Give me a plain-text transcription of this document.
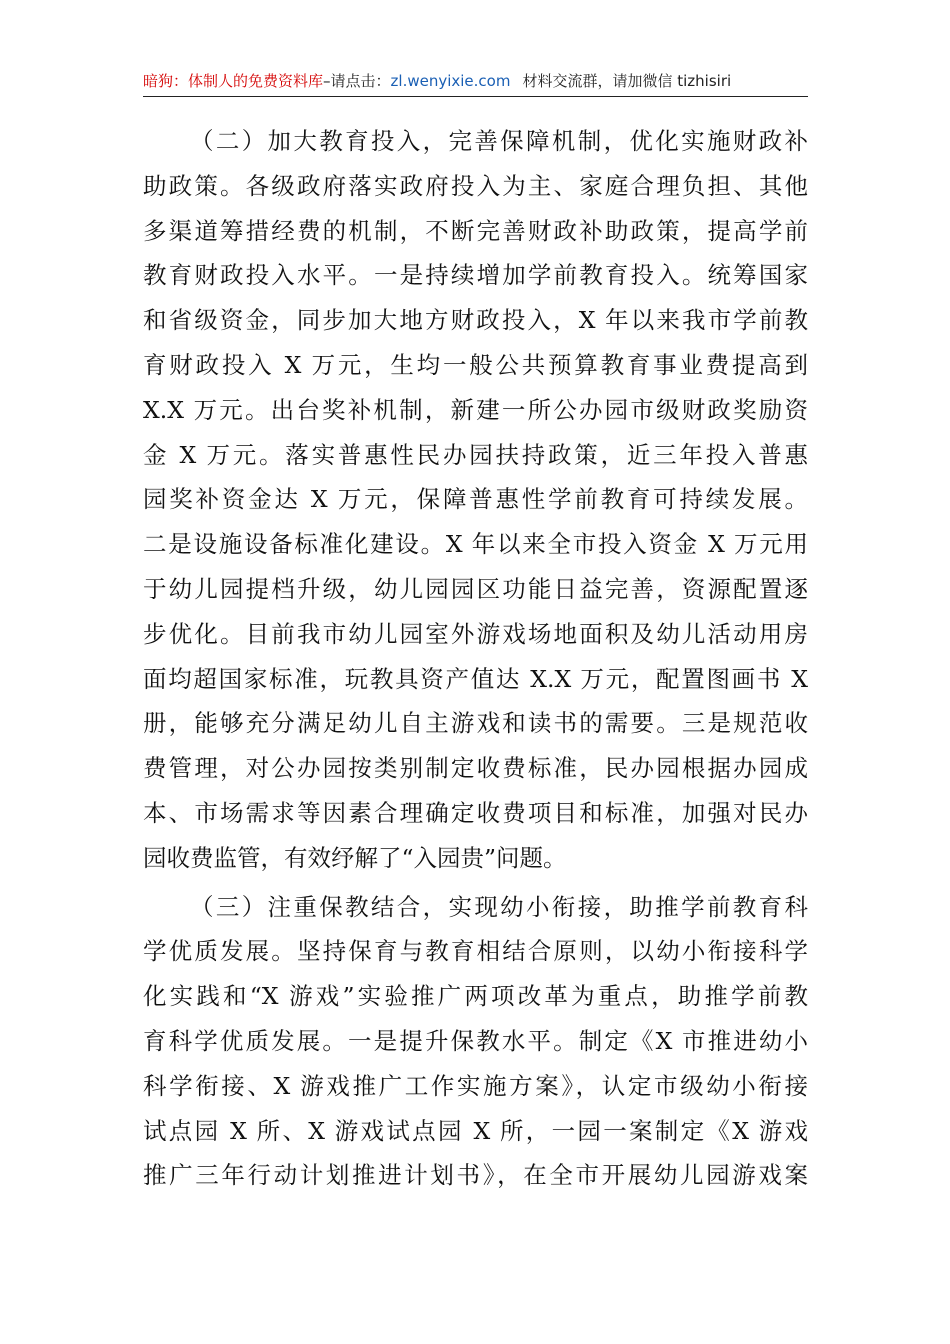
暗狗：体制人的免费资料库–请点击：zl.wenyixie.com 材料交流群，请加微信 tizhisiri
（二）加大教育投入，完善保障机制，优化实施财政补
助政策。各级政府落实政府投入为主、家庭合理负担、其他
多渠道筹措经费的机制，不断完善财政补助政策，提高学前
教育财政投入水平。一是持续增加学前教育投入。统筹国家
和省级资金，同步加大地方财政投入，X 年以来我市学前教
育财政投入 X 万元，生均一般公共预算教育事业费提高到
X.X 万元。出台奖补机制，新建一所公办园市级财政奖励资
金 X 万元。落实普惠性民办园扶持政策，近三年投入普惠
园奖补资金达 X 万元，保障普惠性学前教育可持续发展。
二是设施设备标准化建设。X 年以来全市投入资金 X 万元用
于幼儿园提档升级，幼儿园园区功能日益完善，资源配置逐
步优化。目前我市幼儿园室外游戏场地面积及幼儿活动用房
面均超国家标准，玩教具资产值达 X.X 万元，配置图画书 X
册，能够充分满足幼儿自主游戏和读书的需要。三是规范收
费管理，对公办园按类别制定收费标准，民办园根据办园成
本、市场需求等因素合理确定收费项目和标准，加强对民办
园收费监管，有效纾解了“入园贵”问题。
（三）注重保教结合，实现幼小衔接，助推学前教育科
学优质发展。坚持保育与教育相结合原则，以幼小衔接科学
化实践和“X 游戏”实验推广两项改革为重点，助推学前教
育科学优质发展。一是提升保教水平。制定《X 市推进幼小
科学衔接、X 游戏推广工作实施方案》，认定市级幼小衔接
试点园 X 所、X 游戏试点园 X 所，一园一案制定《X 游戏
推广三年行动计划推进计划书》，在全市开展幼儿园游戏案
